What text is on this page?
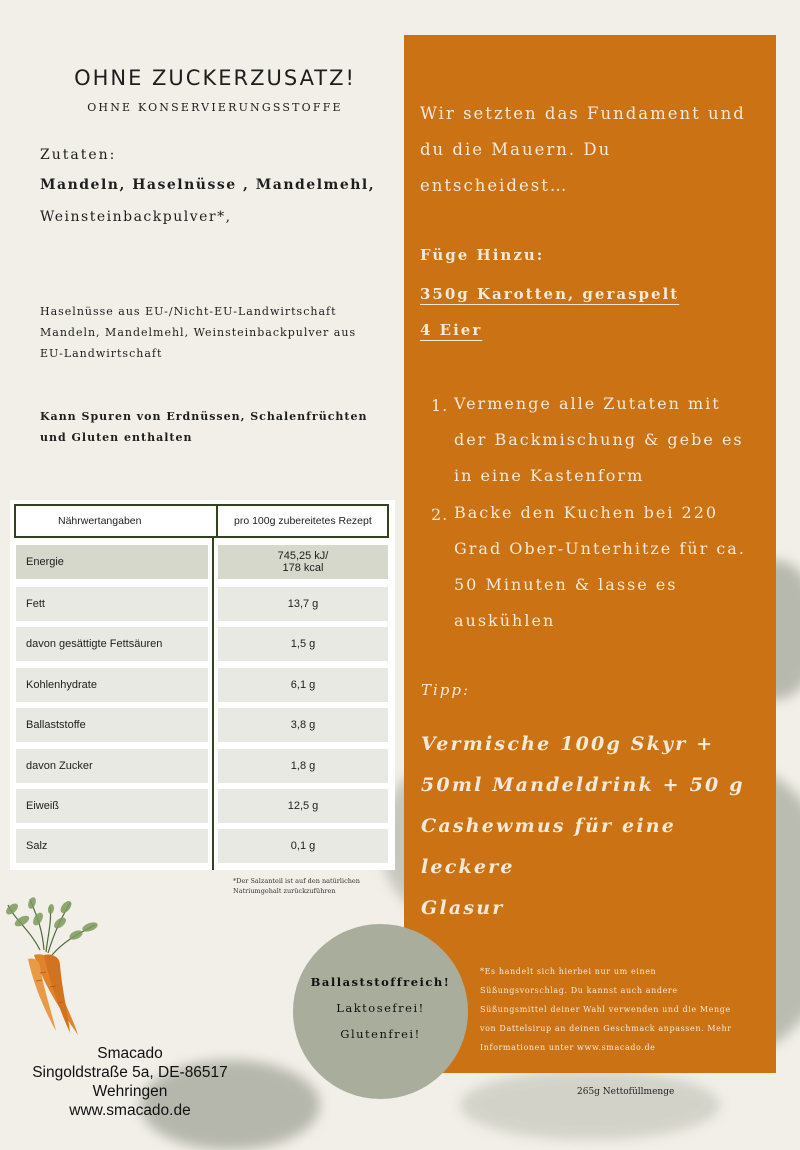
OHNE ZUCKERZUSATZ!
OHNE KONSERVIERUNGSSTOFFE
Zutaten:
Mandeln, Haselnüsse , Mandelmehl,
Weinsteinbackpulver*,
Haselnüsse aus EU-/Nicht-EU-Landwirtschaft
Mandeln, Mandelmehl, Weinsteinbackpulver aus
EU-Landwirtschaft
Kann Spuren von Erdnüssen, Schalenfrüchten
und Gluten enthalten
Nährwertangaben	pro 100g zubereitetes Rezept
Energie	745,25 kJ/
178 kcal
Fett	13,7 g
davon gesättigte Fettsäuren	1,5 g
Kohlenhydrate	6,1 g
Ballaststoffe	3,8 g
davon Zucker	1,8 g
Eiweiß	12,5 g
Salz	0,1 g
*Der Salzanteil ist auf den natürlichen Natriumgehalt zurückzuführen
Wir setzten das Fundament und
du die Mauern. Du
entscheidest…
Füge Hinzu:
350g Karotten, geraspelt
4 Eier
1. Vermenge alle Zutaten mit
der Backmischung & gebe es
in eine Kastenform
2. Backe den Kuchen bei 220
Grad Ober-Unterhitze für ca.
50 Minuten & lasse es
auskühlen
Tipp:
Vermische 100g Skyr +
50ml Mandeldrink + 50 g
Cashewmus für eine leckere
Glasur
*Es handelt sich hierbei nur um einen
Süßungsvorschlag. Du kannst auch andere
Süßungsmittel deiner Wahl verwenden und die Menge
von Dattelsirup an deinen Geschmack anpassen. Mehr
Informationen unter www.smacado.de
Ballaststoffreich!
Laktosefrei!
Glutenfrei!
265g Nettofüllmenge
Smacado
Singoldstraße 5a, DE-86517
Wehringen
www.smacado.de
